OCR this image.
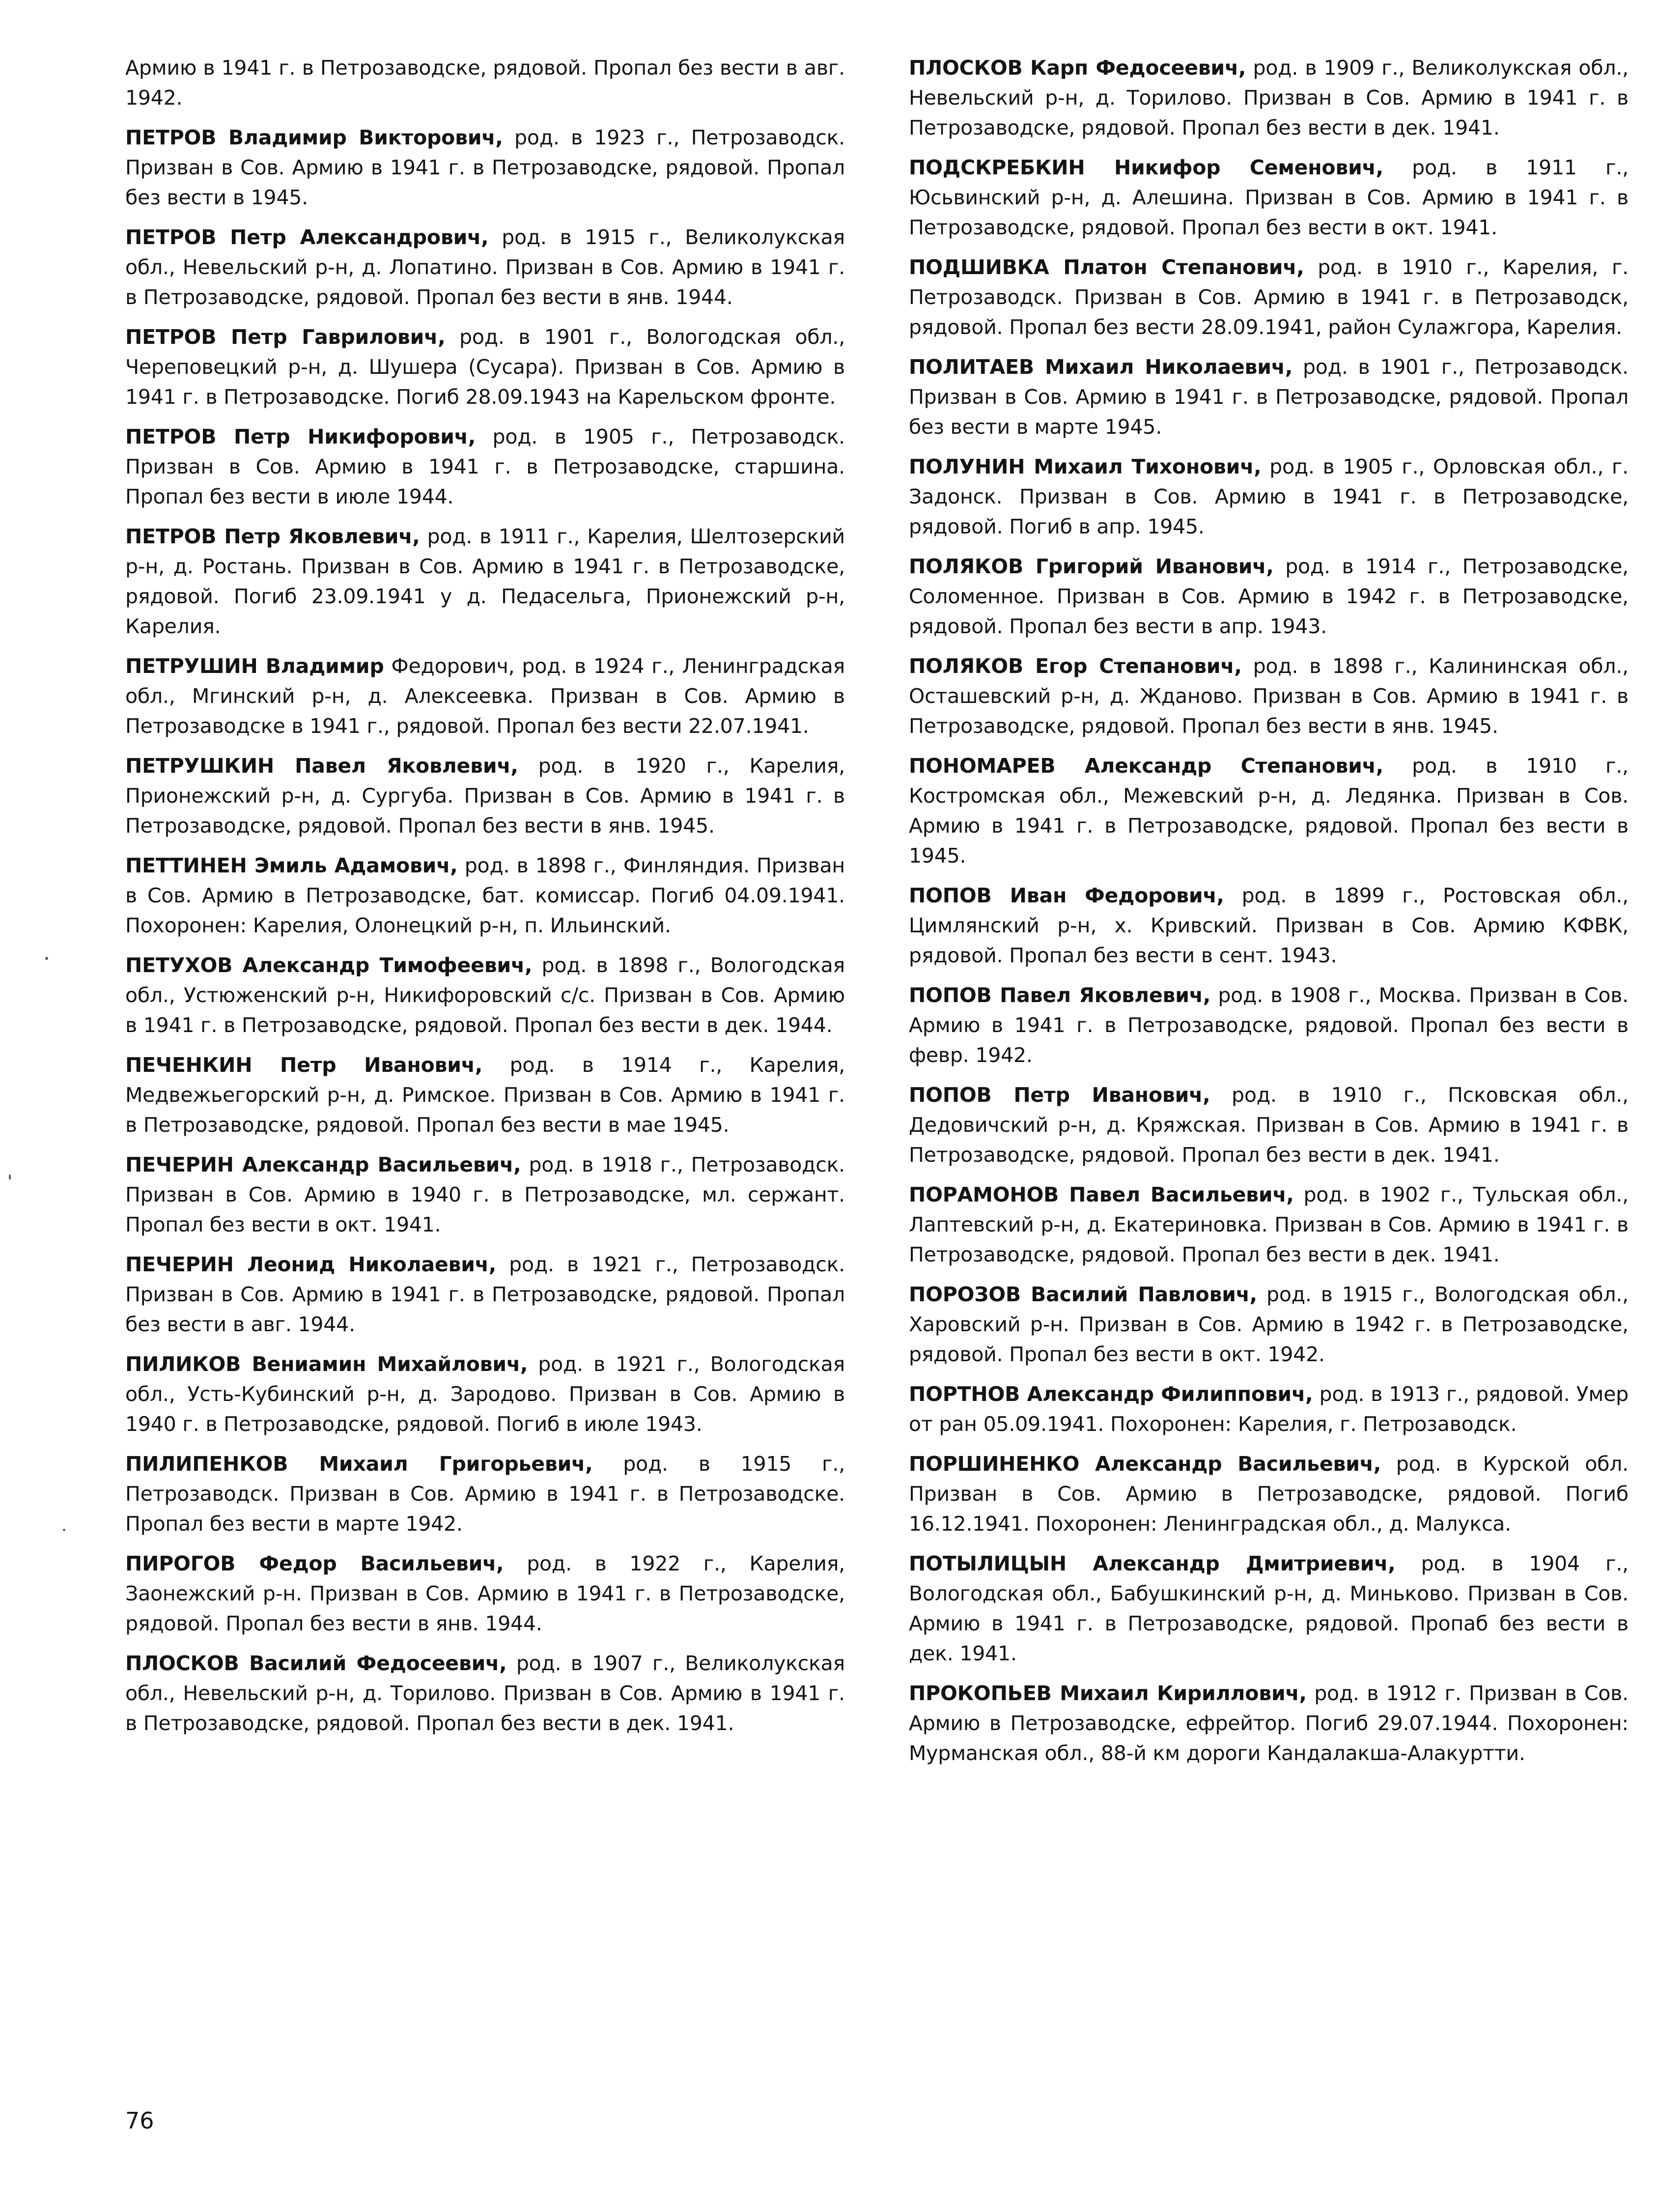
Армию в 1941 г. в Петрозаводске, рядовой. Пропал без вести в авг. 1942.

ПЕТРОВ Владимир Викторович, род. в 1923 г., Петрозаводск. Призван в Сов. Армию в 1941 г. в Петрозаводске, рядовой. Пропал без вести в 1945.

ПЕТРОВ Петр Александрович, род. в 1915 г., Великолукская обл., Невельский р-н, д. Лопатино. Призван в Сов. Армию в 1941 г. в Петрозаводске, рядовой. Пропал без вести в янв. 1944.

ПЕТРОВ Петр Гаврилович, род. в 1901 г., Вологодская обл., Череповецкий р-н, д. Шушера (Сусара). Призван в Сов. Армию в 1941 г. в Петрозаводске. Погиб 28.09.1943 на Карельском фронте.

ПЕТРОВ Петр Никифорович, род. в 1905 г., Петрозаводск. Призван в Сов. Армию в 1941 г. в Петрозаводске, старшина. Пропал без вести в июле 1944.

ПЕТРОВ Петр Яковлевич, род. в 1911 г., Карелия, Шелтозерский р-н, д. Ростань. Призван в Сов. Армию в 1941 г. в Петрозаводске, рядовой. Погиб 23.09.1941 у д. Педасельга, Прионежский р-н, Карелия.

ПЕТРУШИН Владимир Федорович, род. в 1924 г., Ленинградская обл., Мгинский р-н, д. Алексеевка. Призван в Сов. Армию в Петрозаводске в 1941 г., рядовой. Пропал без вести 22.07.1941.

ПЕТРУШКИН Павел Яковлевич, род. в 1920 г., Карелия, Прионежский р-н, д. Сургуба. Призван в Сов. Армию в 1941 г. в Петрозаводске, рядовой. Пропал без вести в янв. 1945.

ПЕТТИНЕН Эмиль Адамович, род. в 1898 г., Финляндия. Призван в Сов. Армию в Петрозаводске, бат. комиссар. Погиб 04.09.1941. Похоронен: Карелия, Олонецкий р-н, п. Ильинский.

ПЕТУХОВ Александр Тимофеевич, род. в 1898 г., Вологодская обл., Устюженский р-н, Никифоровский с/с. Призван в Сов. Армию в 1941 г. в Петрозаводске, рядовой. Пропал без вести в дек. 1944.

ПЕЧЕНКИН Петр Иванович, род. в 1914 г., Карелия, Медвежьегорский р-н, д. Римское. Призван в Сов. Армию в 1941 г. в Петрозаводске, рядовой. Пропал без вести в мае 1945.

ПЕЧЕРИН Александр Васильевич, род. в 1918 г., Петрозаводск. Призван в Сов. Армию в 1940 г. в Петрозаводске, мл. сержант. Пропал без вести в окт. 1941.

ПЕЧЕРИН Леонид Николаевич, род. в 1921 г., Петрозаводск. Призван в Сов. Армию в 1941 г. в Петрозаводске, рядовой. Пропал без вести в авг. 1944.

ПИЛИКОВ Вениамин Михайлович, род. в 1921 г., Вологодская обл., Усть-Кубинский р-н, д. Зародово. Призван в Сов. Армию в 1940 г. в Петрозаводске, рядовой. Погиб в июле 1943.

ПИЛИПЕНКОВ Михаил Григорьевич, род. в 1915 г., Петрозаводск. Призван в Сов. Армию в 1941 г. в Петрозаводске. Пропал без вести в марте 1942.

ПИРОГОВ Федор Васильевич, род. в 1922 г., Карелия, Заонежский р-н. Призван в Сов. Армию в 1941 г. в Петрозаводске, рядовой. Пропал без вести в янв. 1944.

ПЛОСКОВ Василий Федосеевич, род. в 1907 г., Великолукская обл., Невельский р-н, д. Торилово. Призван в Сов. Армию в 1941 г. в Петрозаводске, рядовой. Пропал без вести в дек. 1941.

ПЛОСКОВ Карп Федосеевич, род. в 1909 г., Великолукская обл., Невельский р-н, д. Торилово. Призван в Сов. Армию в 1941 г. в Петрозаводске, рядовой. Пропал без вести в дек. 1941.

ПОДСКРЕБКИН Никифор Семенович, род. в 1911 г., Юсьвинский р-н, д. Алешина. Призван в Сов. Армию в 1941 г. в Петрозаводске, рядовой. Пропал без вести в окт. 1941.

ПОДШИВКА Платон Степанович, род. в 1910 г., Карелия, г. Петрозаводск. Призван в Сов. Армию в 1941 г. в Петрозаводск, рядовой. Пропал без вести 28.09.1941, район Сулажгора, Карелия.

ПОЛИТАЕВ Михаил Николаевич, род. в 1901 г., Петрозаводск. Призван в Сов. Армию в 1941 г. в Петрозаводске, рядовой. Пропал без вести в марте 1945.

ПОЛУНИН Михаил Тихонович, род. в 1905 г., Орловская обл., г. Задонск. Призван в Сов. Армию в 1941 г. в Петрозаводске, рядовой. Погиб в апр. 1945.

ПОЛЯКОВ Григорий Иванович, род. в 1914 г., Петрозаводске, Соломенное. Призван в Сов. Армию в 1942 г. в Петрозаводске, рядовой. Пропал без вести в апр. 1943.

ПОЛЯКОВ Егор Степанович, род. в 1898 г., Калининская обл., Осташевский р-н, д. Жданово. Призван в Сов. Армию в 1941 г. в Петрозаводске, рядовой. Пропал без вести в янв. 1945.

ПОНОМАРЕВ Александр Степанович, род. в 1910 г., Костромская обл., Межевский р-н, д. Ледянка. Призван в Сов. Армию в 1941 г. в Петрозаводске, рядовой. Пропал без вести в 1945.

ПОПОВ Иван Федорович, род. в 1899 г., Ростовская обл., Цимлянский р-н, х. Кривский. Призван в Сов. Армию КФВК, рядовой. Пропал без вести в сент. 1943.

ПОПОВ Павел Яковлевич, род. в 1908 г., Москва. Призван в Сов. Армию в 1941 г. в Петрозаводске, рядовой. Пропал без вести в февр. 1942.

ПОПОВ Петр Иванович, род. в 1910 г., Псковская обл., Дедовичский р-н, д. Кряжская. Призван в Сов. Армию в 1941 г. в Петрозаводске, рядовой. Пропал без вести в дек. 1941.

ПОРАМОНОВ Павел Васильевич, род. в 1902 г., Тульская обл., Лаптевский р-н, д. Екатериновка. Призван в Сов. Армию в 1941 г. в Петрозаводске, рядовой. Пропал без вести в дек. 1941.

ПОРОЗОВ Василий Павлович, род. в 1915 г., Вологодская обл., Харовский р-н. Призван в Сов. Армию в 1942 г. в Петрозаводске, рядовой. Пропал без вести в окт. 1942.

ПОРТНОВ Александр Филиппович, род. в 1913 г., рядовой. Умер от ран 05.09.1941. Похоронен: Карелия, г. Петрозаводск.

ПОРШИНЕНКО Александр Васильевич, род. в Курской обл. Призван в Сов. Армию в Петрозаводске, рядовой. Погиб 16.12.1941. Похоронен: Ленинградская обл., д. Малукса.

ПОТЫЛИЦЫН Александр Дмитриевич, род. в 1904 г., Вологодская обл., Бабушкинский р-н, д. Миньково. Призван в Сов. Армию в 1941 г. в Петрозаводске, рядовой. Пропаб без вести в дек. 1941.

ПРОКОПЬЕВ Михаил Кириллович, род. в 1912 г. Призван в Сов. Армию в Петрозаводске, ефрейтор. Погиб 29.07.1944. Похоронен: Мурманская обл., 88-й км дороги Кандалакша-Алакуртти.

76
